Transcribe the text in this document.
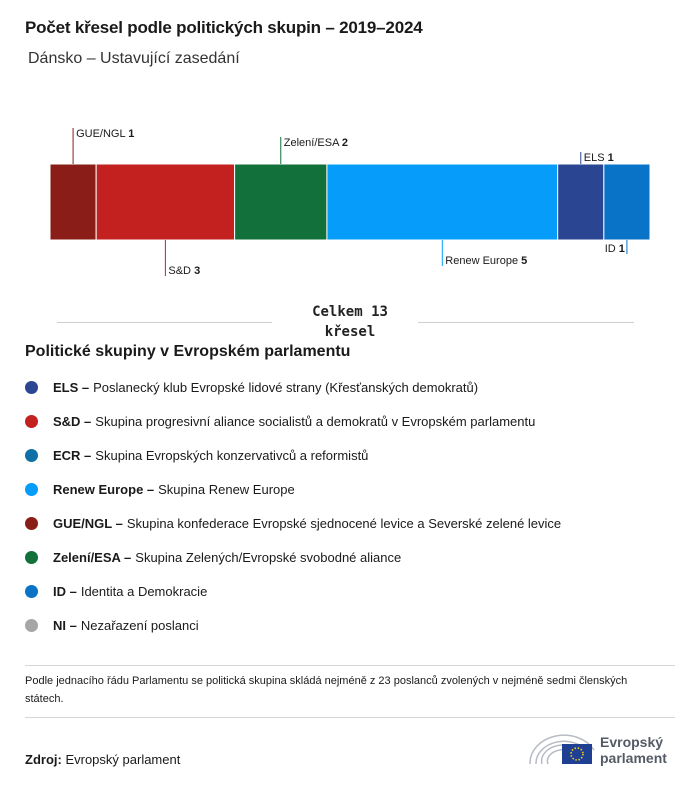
Počet křesel podle politických skupin – 2019–2024
Dánsko – Ustavující zasedání
GUE/NGL 1
S&D 3
Zelení/ESA 2
Renew Europe 5
ELS 1
ID 1
Celkem 13
křesel
Politické skupiny v Evropském parlamentu
ELS – Poslanecký klub Evropské lidové strany (Křesťanských demokratů)
S&D – Skupina progresivní aliance socialistů a demokratů v Evropském parlamentu
ECR – Skupina Evropských konzervativců a reformistů
Renew Europe – Skupina Renew Europe
GUE/NGL – Skupina konfederace Evropské sjednocené levice a Severské zelené levice
Zelení/ESA – Skupina Zelených/Evropské svobodné aliance
ID – Identita a Demokracie
NI – Nezařazení poslanci
Podle jednacího řádu Parlamentu se politická skupina skládá nejméně z 23 poslanců zvolených v nejméně sedmi členských státech.
Zdroj: Evropský parlament
Evropský
parlament
